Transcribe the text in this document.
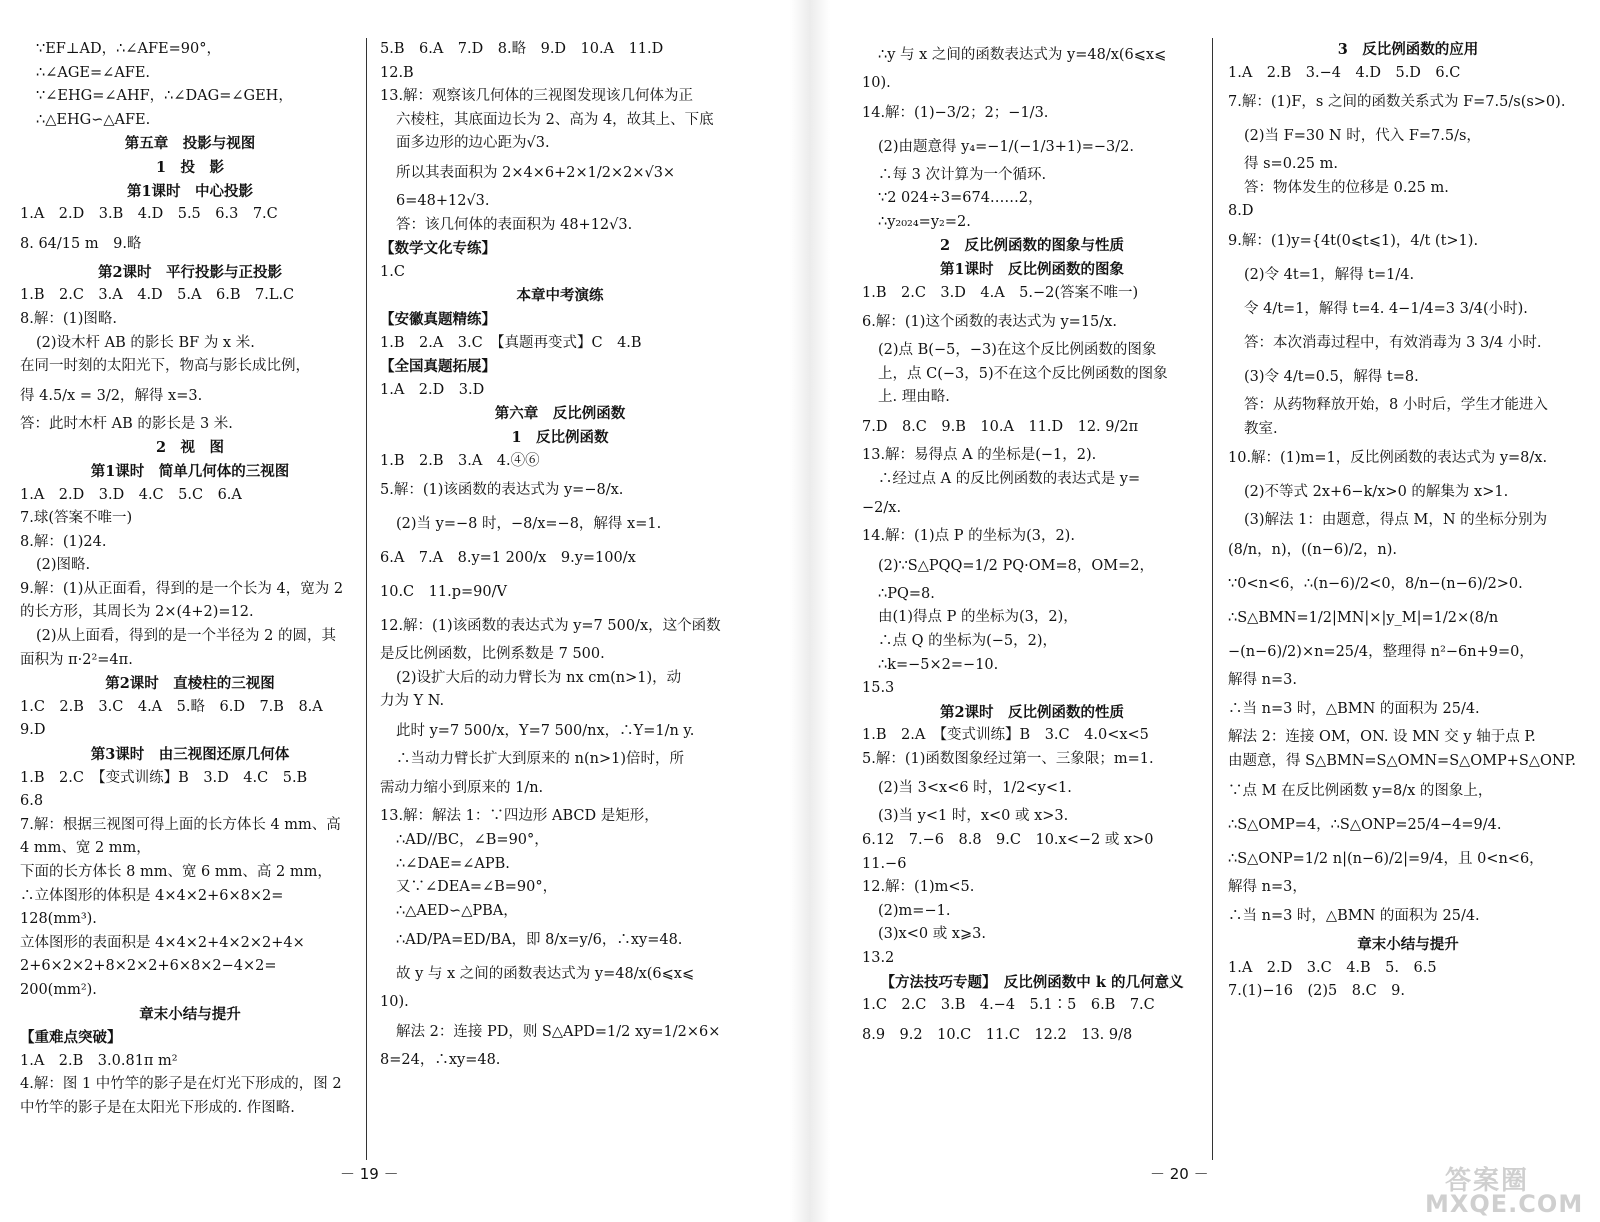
∵EF⊥AD，∴∠AFE=90°，
∴∠AGE=∠AFE.
∵∠EHG=∠AHF，∴∠DAG=∠GEH，
∴△EHG∽△AFE.
第五章　投影与视图
1　投　影
第1课时　中心投影
1.A　2.D　3.B　4.D　5.5　6.3　7.C
8. 64/15 m　9.略
第2课时　平行投影与正投影
1.B　2.C　3.A　4.D　5.A　6.B　7.L.C
8.解：(1)图略.
(2)设木杆 AB 的影长 BF 为 x 米.
在同一时刻的太阳光下，物高与影长成比例，
得 4.5/x = 3/2，解得 x=3.
答：此时木杆 AB 的影长是 3 米.
2　视　图
第1课时　简单几何体的三视图
1.A　2.D　3.D　4.C　5.C　6.A
7.球(答案不唯一)
8.解：(1)24.
(2)图略.
9.解：(1)从正面看，得到的是一个长为 4，宽为 2
的长方形，其周长为 2×(4+2)=12.
(2)从上面看，得到的是一个半径为 2 的圆，其
面积为 π·2²=4π.
第2课时　直棱柱的三视图
1.C　2.B　3.C　4.A　5.略　6.D　7.B　8.A
9.D
第3课时　由三视图还原几何体
1.B　2.C　【变式训练】B　3.D　4.C　5.B
6.8
7.解：根据三视图可得上面的长方体长 4 mm、高
4 mm、宽 2 mm，
下面的长方体长 8 mm、宽 6 mm、高 2 mm，
∴立体图形的体积是 4×4×2+6×8×2=
128(mm³).
立体图形的表面积是 4×4×2+4×2×2+4×
2+6×2×2+8×2×2+6×8×2−4×2=
200(mm²).
章末小结与提升
【重难点突破】
1.A　2.B　3.0.81π m²
4.解：图 1 中竹竿的影子是在灯光下形成的，图 2
中竹竿的影子是在太阳光下形成的. 作图略.
5.B　6.A　7.D　8.略　9.D　10.A　11.D
12.B
13.解：观察该几何体的三视图发现该几何体为正
六棱柱，其底面边长为 2、高为 4，故其上、下底
面多边形的边心距为√3.
所以其表面积为 2×4×6+2×1/2×2×√3×
6=48+12√3.
答：该几何体的表面积为 48+12√3.
【数学文化专练】
1.C
本章中考演练
【安徽真题精练】
1.B　2.A　3.C　【真题再变式】C　4.B
【全国真题拓展】
1.A　2.D　3.D
第六章　反比例函数
1　反比例函数
1.B　2.B　3.A　4.④⑥
5.解：(1)该函数的表达式为 y=−8/x.
(2)当 y=−8 时，−8/x=−8，解得 x=1.
6.A　7.A　8.y=1 200/x　9.y=100/x
10.C　11.p=90/V
12.解：(1)该函数的表达式为 y=7 500/x，这个函数
是反比例函数，比例系数是 7 500.
(2)设扩大后的动力臂长为 nx cm(n>1)，动
力为 Y N.
此时 y=7 500/x，Y=7 500/nx，∴Y=1/n y.
∴当动力臂长扩大到原来的 n(n>1)倍时，所
需动力缩小到原来的 1/n.
13.解：解法 1：∵四边形 ABCD 是矩形，
∴AD//BC，∠B=90°，
∴∠DAE=∠APB.
又∵∠DEA=∠B=90°，
∴△AED∽△PBA，
∴AD/PA=ED/BA，即 8/x=y/6，∴xy=48.
故 y 与 x 之间的函数表达式为 y=48/x(6⩽x⩽
10).
解法 2：连接 PD，则 S△APD=1/2 xy=1/2×6×
8=24，∴xy=48.
∴y 与 x 之间的函数表达式为 y=48/x(6⩽x⩽
10).
14.解：(1)−3/2；2；−1/3.
(2)由题意得 y₄=−1/(−1/3+1)=−3/2.
∴每 3 次计算为一个循环.
∵2 024÷3=674……2，
∴y₂₀₂₄=y₂=2.
2　反比例函数的图象与性质
第1课时　反比例函数的图象
1.B　2.C　3.D　4.A　5.−2(答案不唯一)
6.解：(1)这个函数的表达式为 y=15/x.
(2)点 B(−5，−3)在这个反比例函数的图象
上，点 C(−3，5)不在这个反比例函数的图象
上. 理由略.
7.D　8.C　9.B　10.A　11.D　12. 9/2π
13.解：易得点 A 的坐标是(−1，2).
∴经过点 A 的反比例函数的表达式是 y=
−2/x.
14.解：(1)点 P 的坐标为(3，2).
(2)∵S△PQQ=1/2 PQ·OM=8，OM=2，
∴PQ=8.
由(1)得点 P 的坐标为(3，2)，
∴点 Q 的坐标为(−5，2)，
∴k=−5×2=−10.
15.3
第2课时　反比例函数的性质
1.B　2.A　【变式训练】B　3.C　4.0<x<5
5.解：(1)函数图象经过第一、三象限；m=1.
(2)当 3<x<6 时，1/2<y<1.
(3)当 y<1 时，x<0 或 x>3.
6.12　7.−6　8.8　9.C　10.x<−2 或 x>0
11.−6
12.解：(1)m<5.
(2)m=−1.
(3)x<0 或 x⩾3.
13.2
【方法技巧专题】　反比例函数中 k 的几何意义
1.C　2.C　3.B　4.−4　5.1∶5　6.B　7.C
8.9　9.2　10.C　11.C　12.2　13. 9/8
3　反比例函数的应用
1.A　2.B　3.−4　4.D　5.D　6.C
7.解：(1)F，s 之间的函数关系式为 F=7.5/s(s>0).
(2)当 F=30 N 时，代入 F=7.5/s，
得 s=0.25 m.
答：物体发生的位移是 0.25 m.
8.D
9.解：(1)y={4t(0⩽t⩽1)，4/t (t>1).
(2)令 4t=1，解得 t=1/4.
令 4/t=1，解得 t=4. 4−1/4=3 3/4(小时).
答：本次消毒过程中，有效消毒为 3 3/4 小时.
(3)令 4/t=0.5，解得 t=8.
答：从药物释放开始，8 小时后，学生才能进入
教室.
10.解：(1)m=1，反比例函数的表达式为 y=8/x.
(2)不等式 2x+6−k/x>0 的解集为 x>1.
(3)解法 1：由题意，得点 M，N 的坐标分别为
(8/n，n)，((n−6)/2，n).
∵0<n<6，∴(n−6)/2<0，8/n−(n−6)/2>0.
∴S△BMN=1/2|MN|×|y_M|=1/2×(8/n
−(n−6)/2)×n=25/4，整理得 n²−6n+9=0，
解得 n=3.
∴当 n=3 时，△BMN 的面积为 25/4.
解法 2：连接 OM，ON. 设 MN 交 y 轴于点 P.
由题意，得 S△BMN=S△OMN=S△OMP+S△ONP.
∵点 M 在反比例函数 y=8/x 的图象上，
∴S△OMP=4，∴S△ONP=25/4−4=9/4.
∴S△ONP=1/2 n|(n−6)/2|=9/4，且 0<n<6，
解得 n=3，
∴当 n=3 时，△BMN 的面积为 25/4.
章末小结与提升
1.A　2.D　3.C　4.B　5.　6.5
7.(1)−16　(2)5　8.C　9.
－ 19 －	－ 20 －	答案圈
MXQE.COM
